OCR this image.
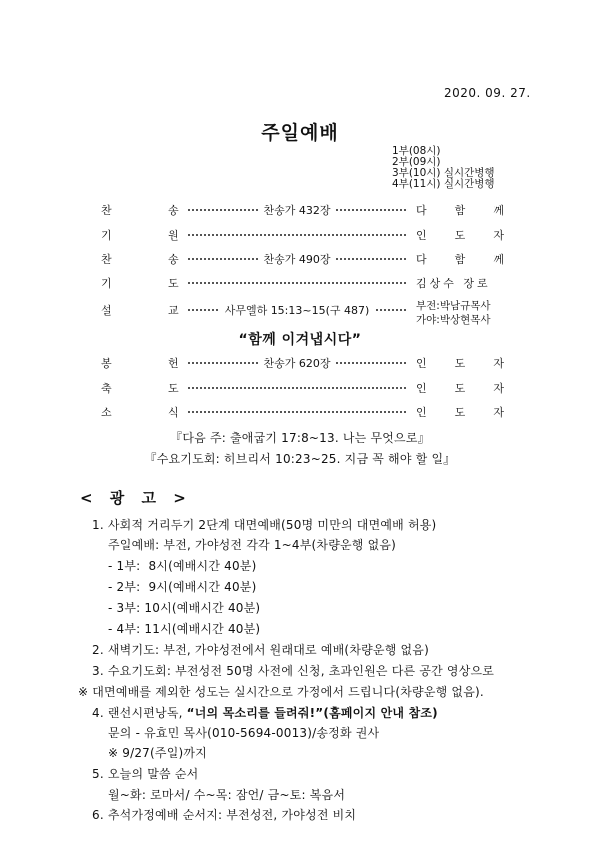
2020. 09. 27.
주일예배
1부(08시)
2부(09시)
3부(10시) 실시간병행
4부(11시) 실시간병행
찬	송	찬송가 432장	다	함	께
기	원	인	도	자
찬	송	찬송가 490장	다	함	께
기	도	김상수 장로
설	교	사무엘하 15:13~15(구 487)	부전:박남규목사
가야:박상현목사
“함께 이겨냅시다”
봉	헌	찬송가 620장	인	도	자
축	도	인	도	자
소	식	인	도	자
『다음 주: 출애굽기 17:8~13. 나는 무엇으로』
『수요기도회: 히브리서 10:23~25. 지금 꼭 해야 할 일』
< 광 고 >
1. 사회적 거리두기 2단계 대면예배(50명 미만의 대면예배 허용)
주일예배: 부전, 가야성전 각각 1~4부(차량운행 없음)
- 1부:  8시(예배시간 40분)
- 2부:  9시(예배시간 40분)
- 3부: 10시(예배시간 40분)
- 4부: 11시(예배시간 40분)
2. 새벽기도: 부전, 가야성전에서 원래대로 예배(차량운행 없음)
3. 수요기도회: 부전성전 50명 사전에 신청, 초과인원은 다른 공간 영상으로
※ 대면예배를 제외한 성도는 실시간으로 가정에서 드립니다(차량운행 없음).
4. 랜선시편낭독, “너의 목소리를 들려줘!”(홈페이지 안내 참조)
문의 - 유효민 목사(010-5694-0013)/송정화 권사
※ 9/27(주일)까지
5. 오늘의 말씀 순서
월~화: 로마서/ 수~목: 잠언/ 금~토: 복음서
6. 추석가정예배 순서지: 부전성전, 가야성전 비치
